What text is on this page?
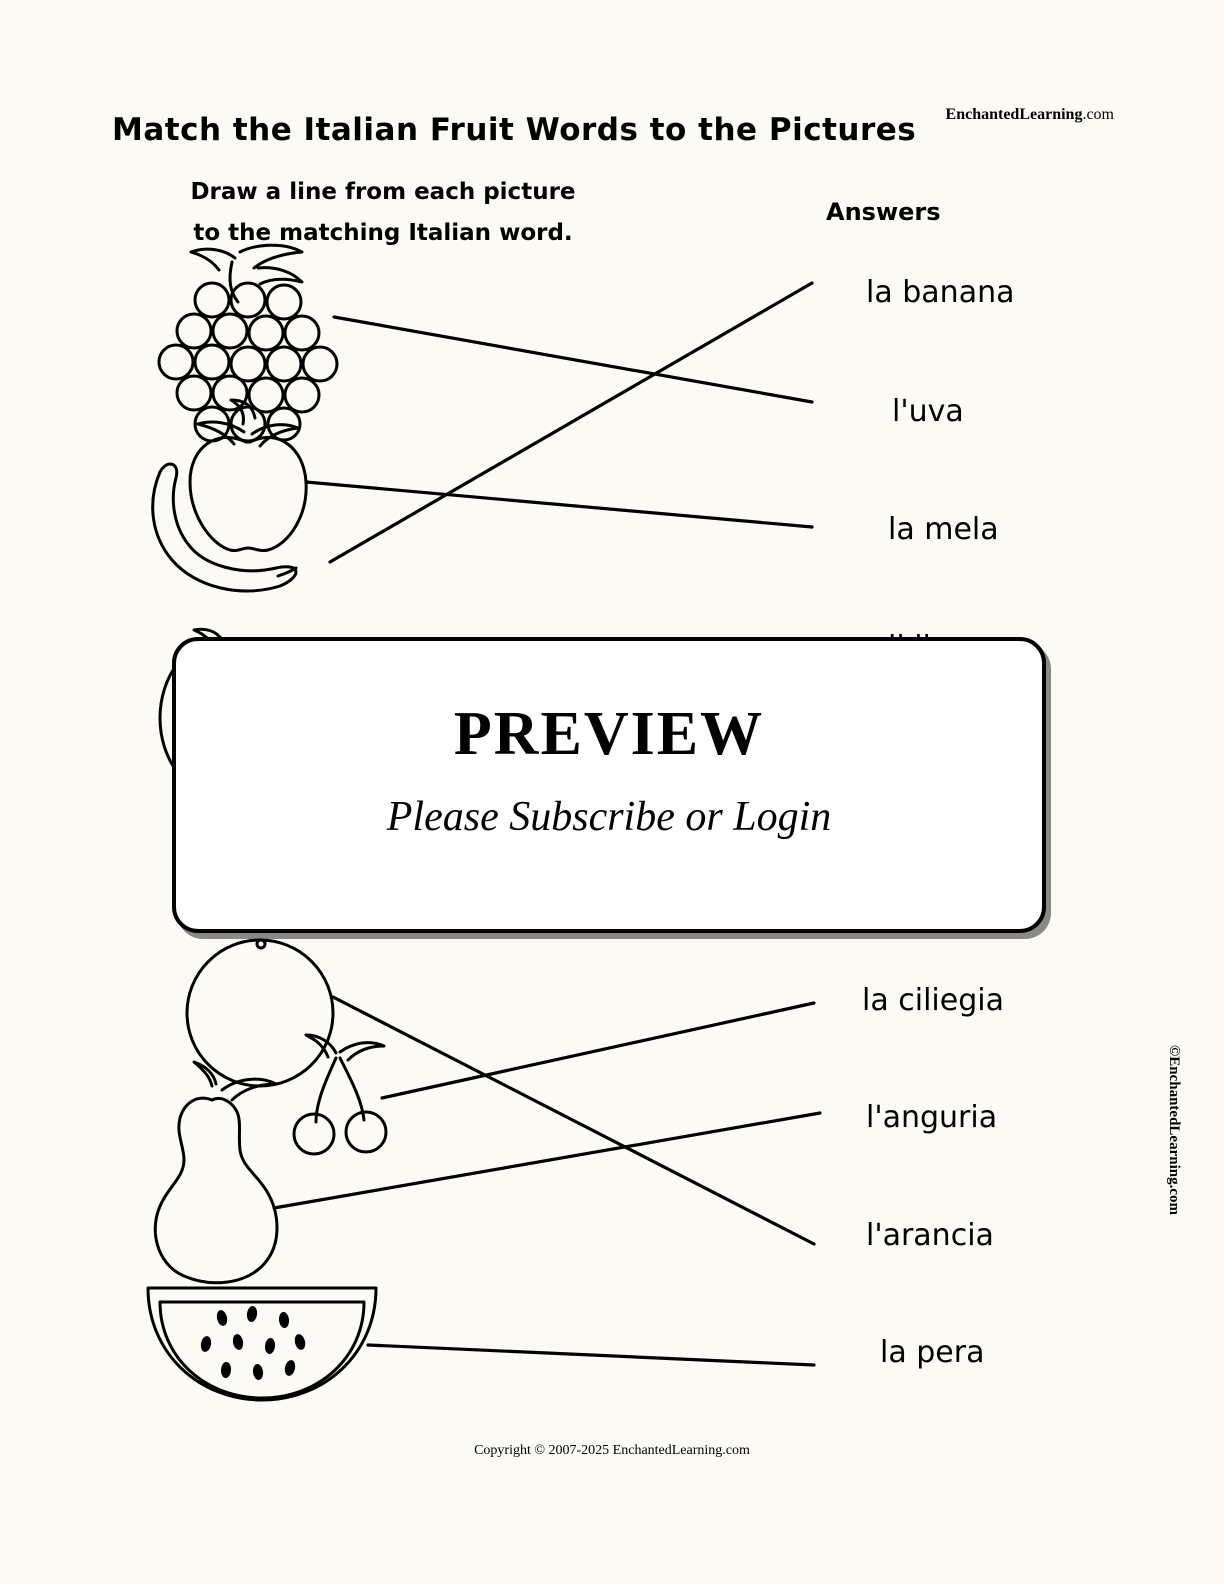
Match the Italian Fruit Words to the Pictures EnchantedLearning.com
Draw a line from each picture
to the matching Italian word.
Answers
la banana
l'uva
la mela
la ciliegia
l'anguria
l'arancia
la pera
PREVIEW
Please Subscribe or Login
©EnchantedLearning.com
Copyright © 2007-2025 EnchantedLearning.com
